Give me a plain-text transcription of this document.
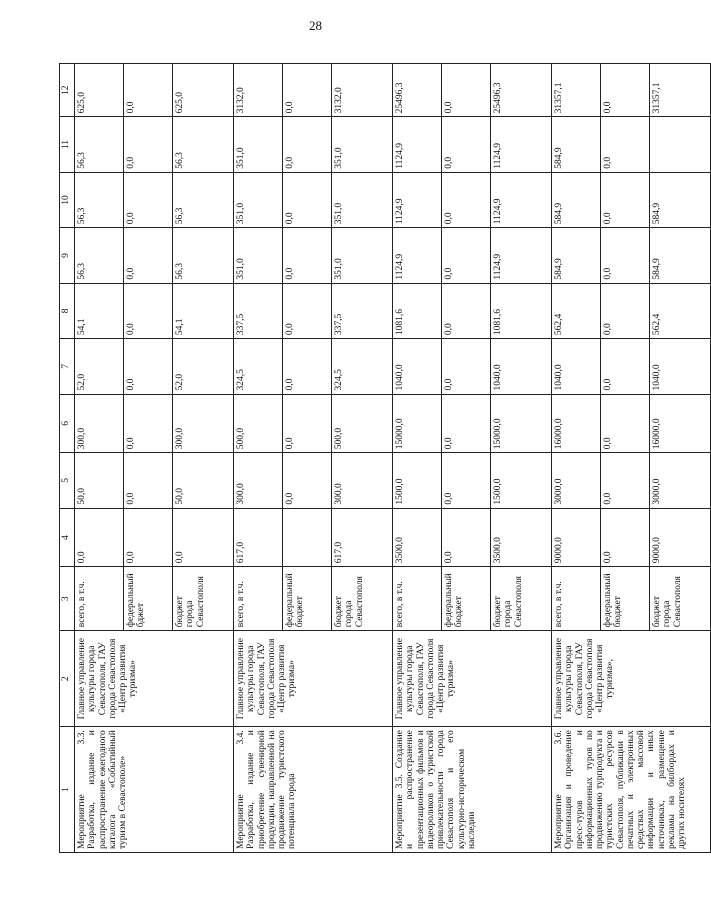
28
1	2	3	4	5	6	7	8	9	10	11	12
Мероприятие 3.3. Разработка, издание и распространение ежегодного каталога «Событийный туризм в Севастополе»	Главное управление культуры города Севастополя, ГАУ города Севастополя «Центр развития туризма»	всего, в т.ч.	0,0	50,0	300,0	52,0	54,1	56,3	56,3	56,3	625,0
		федеральный бджет	0,0	0,0	0,0	0,0	0,0	0,0	0,0	0,0	0,0
		бюджет города Севастополя	0,0	50,0	300,0	52,0	54,1	56,3	56,3	56,3	625,0
Мероприятие 3.4. Разработка, издание и приобретение сувенирной продукции, направленной на продвижение туристского потенциала города	Главное управление культуры города Севастополя, ГАУ города Севастополя «Центр развития туризма»	всего, в т.ч.	617,0	300,0	500,0	324,5	337,5	351,0	351,0	351,0	3132,0
		федеральный бюджет		0,0	0,0	0,0	0,0	0,0	0,0	0,0	0,0
		бюджет города Севастополя	617,0	300,0	500,0	324,5	337,5	351,0	351,0	351,0	3132,0
Мероприятие 3.5. Создание и распространение презентационных фильмов и видеороликов о туристской привлекательности города Севастополя и его культурно-историческом наследии	Главное управление культуры города Севастополя, ГАУ города Севастополя «Центр развития туризма»	всего, в т.ч.	3500,0	1500,0	15000,0	1040,0	1081,6	1124,9	1124,9	1124,9	25496,3
		федеральный бюджет	0,0	0,0	0,0	0,0	0,0	0,0	0,0	0,0	0,0
		бюджет города Севастополя	3500,0	1500,0	15000,0	1040,0	1081,6	1124,9	1124,9	1124,9	25496,3
Мероприятие 3.6. Организация и проведение пресс-туров и информационных туров по продвижению турпродукта и туристских ресурсов Севастополя, публикации в печатных и электронных средствах массовой информации и иных источниках, размещение рекламы на билбордах и других носителях	Главное управление культуры города Севастополя, ГАУ города Севастополя «Центр развития туризма»,	всего, в т.ч.	9000,0	3000,0	16000,0	1040,0	562,4	584,9	584,9	584,9	31357,1
		федеральный бюджет	0,0	0,0	0,0	0,0	0,0	0,0	0,0	0,0	0,0
		бюджет города Севастополя	9000,0	3000,0	16000,0	1040,0	562,4	584,9	584,9		31357,1
